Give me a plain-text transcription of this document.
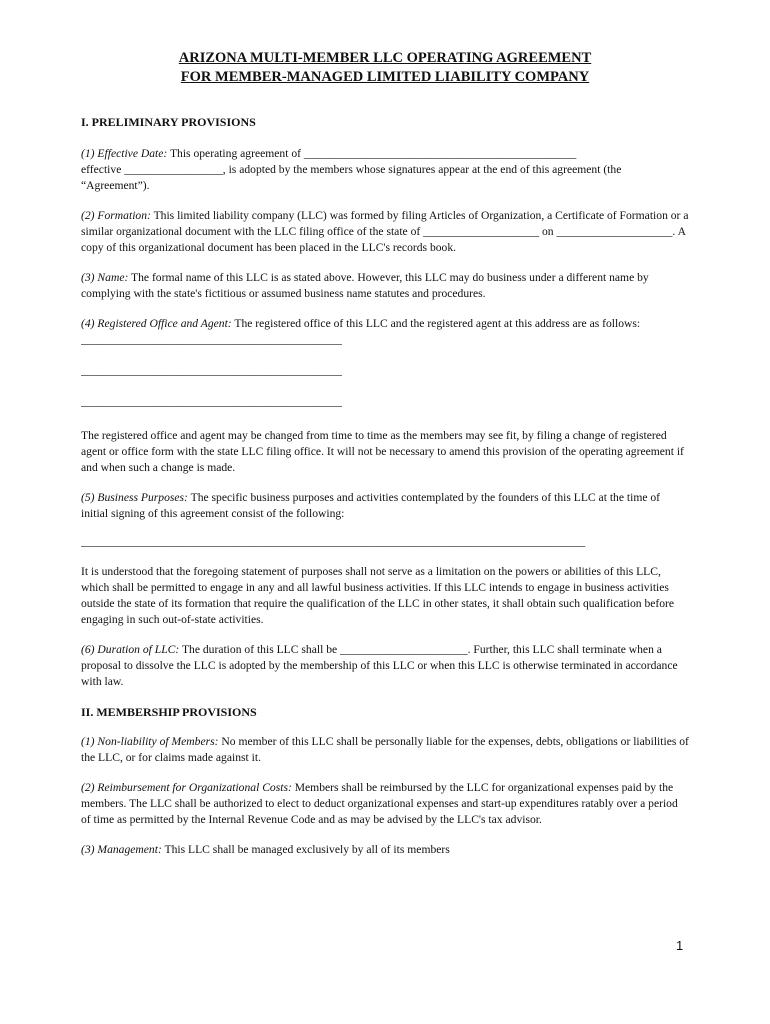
ARIZONA MULTI-MEMBER LLC OPERATING AGREEMENT
FOR MEMBER-MANAGED LIMITED LIABILITY COMPANY
I. PRELIMINARY PROVISIONS

(1) Effective Date: This operating agreement of _______________________________________________
effective _________________, is adopted by the members whose signatures appear at the end of this agreement (the “Agreement”).

(2) Formation: This limited liability company (LLC) was formed by filing Articles of Organization, a Certificate of Formation or a similar organizational document with the LLC filing office of the state of ____________________ on ____________________. A copy of this organizational document has been placed in the LLC's records book.

(3) Name: The formal name of this LLC is as stated above. However, this LLC may do business under a different name by complying with the state's fictitious or assumed business name statutes and procedures.

(4) Registered Office and Agent: The registered office of this LLC and the registered agent at this address are as follows:

_____________________________________________
_____________________________________________
_____________________________________________

The registered office and agent may be changed from time to time as the members may see fit, by filing a change of registered agent or office form with the state LLC filing office. It will not be necessary to amend this provision of the operating agreement if and when such a change is made.

(5) Business Purposes: The specific business purposes and activities contemplated by the founders of this LLC at the time of initial signing of this agreement consist of the following:

_______________________________________________________________________________________

It is understood that the foregoing statement of purposes shall not serve as a limitation on the powers or abilities of this LLC, which shall be permitted to engage in any and all lawful business activities. If this LLC intends to engage in business activities outside the state of its formation that require the qualification of the LLC in other states, it shall obtain such qualification before engaging in such out-of-state activities.

(6) Duration of LLC: The duration of this LLC shall be ______________________. Further, this LLC shall terminate when a proposal to dissolve the LLC is adopted by the membership of this LLC or when this LLC is otherwise terminated in accordance with law.

II. MEMBERSHIP PROVISIONS

(1) Non-liability of Members: No member of this LLC shall be personally liable for the expenses, debts, obligations or liabilities of the LLC, or for claims made against it.

(2) Reimbursement for Organizational Costs: Members shall be reimbursed by the LLC for organizational expenses paid by the members. The LLC shall be authorized to elect to deduct organizational expenses and start-up expenditures ratably over a period of time as permitted by the Internal Revenue Code and as may be advised by the LLC's tax advisor.

(3) Management: This LLC shall be managed exclusively by all of its members

1
